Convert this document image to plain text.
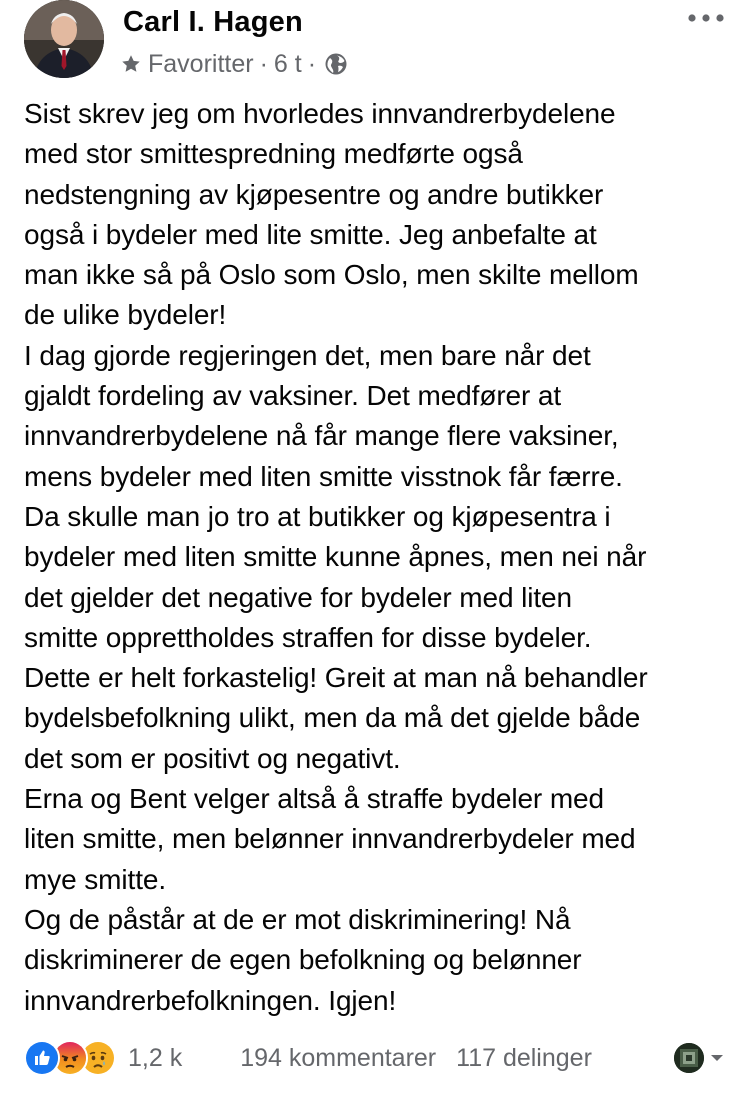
Carl I. Hagen
Favoritter · 6 t ·

Sist skrev jeg om hvorledes innvandrerbydelene
med stor smittespredning medførte også
nedstengning av kjøpesentre og andre butikker
også i bydeler med lite smitte. Jeg anbefalte at
man ikke så på Oslo som Oslo, men skilte mellom
de ulike bydeler!
I dag gjorde regjeringen det, men bare når det
gjaldt fordeling av vaksiner. Det medfører at
innvandrerbydelene nå får mange flere vaksiner,
mens bydeler med liten smitte visstnok får færre.
Da skulle man jo tro at butikker og kjøpesentra i
bydeler med liten smitte kunne åpnes, men nei når
det gjelder det negative for bydeler med liten
smitte opprettholdes straffen for disse bydeler.
Dette er helt forkastelig! Greit at man nå behandler
bydelsbefolkning ulikt, men da må det gjelde både
det som er positivt og negativt.
Erna og Bent velger altså å straffe bydeler med
liten smitte, men belønner innvandrerbydeler med
mye smitte.
Og de påstår at de er mot diskriminering! Nå
diskriminerer de egen befolkning og belønner
innvandrerbefolkningen. Igjen!

1,2 k 194 kommentarer 117 delinger
